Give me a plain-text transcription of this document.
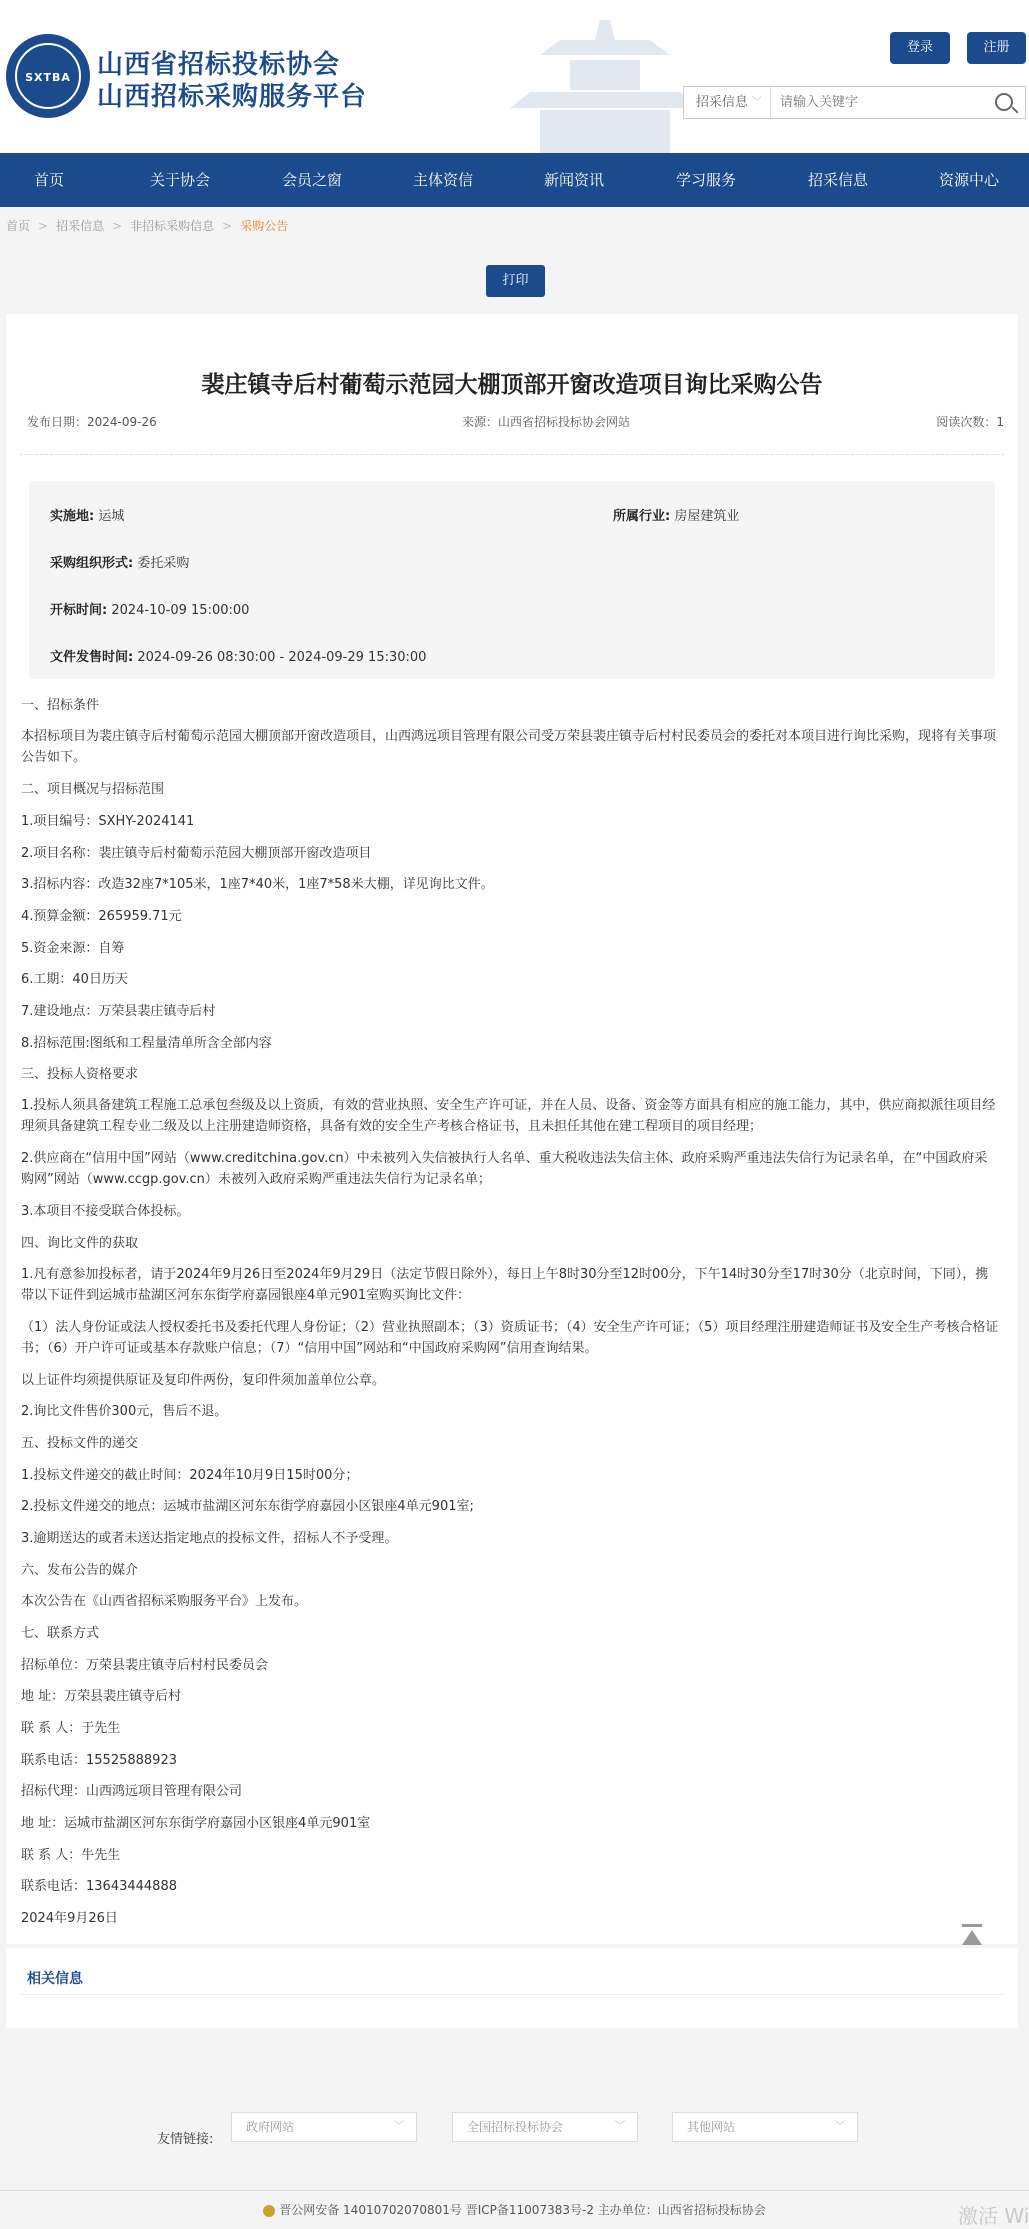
SXTBA	山西省招标投标协会
山西招标采购服务平台
登录	注册
招采信息 ﹀
请输入关键字
首页	关于协会	会员之窗	主体资信	新闻资讯	学习服务	招采信息	资源中心
首页 > 招采信息 > 非招标采购信息 > 采购公告
打印
裴庄镇寺后村葡萄示范园大棚顶部开窗改造项目询比采购公告
发布日期：2024-09-26	来源：山西省招标投标协会网站	阅读次数：1
实施地: 运城	所属行业: 房屋建筑业
采购组织形式: 委托采购
开标时间: 2024-10-09 15:00:00
文件发售时间: 2024-09-26 08:30:00 - 2024-09-29 15:30:00
一、招标条件
本招标项目为裴庄镇寺后村葡萄示范园大棚顶部开窗改造项目，山西鸿远项目管理有限公司受万荣县裴庄镇寺后村村民委员会的委托对本项目进行询比采购，现将有关事项公告如下。
二、项目概况与招标范围
1.项目编号：SXHY-2024141
2.项目名称：裴庄镇寺后村葡萄示范园大棚顶部开窗改造项目
3.招标内容：改造32座7*105米，1座7*40米，1座7*58米大棚，详见询比文件。
4.预算金额：265959.71元
5.资金来源：自筹
6.工期：40日历天
7.建设地点：万荣县裴庄镇寺后村
8.招标范围:图纸和工程量清单所含全部内容
三、投标人资格要求
1.投标人须具备建筑工程施工总承包叁级及以上资质，有效的营业执照、安全生产许可证，并在人员、设备、资金等方面具有相应的施工能力，其中，供应商拟派往项目经理须具备建筑工程专业二级及以上注册建造师资格，具备有效的安全生产考核合格证书，且未担任其他在建工程项目的项目经理；
2.供应商在“信用中国”网站（www.creditchina.gov.cn）中未被列入失信被执行人名单、重大税收违法失信主体、政府采购严重违法失信行为记录名单，在“中国政府采购网”网站（www.ccgp.gov.cn）未被列入政府采购严重违法失信行为记录名单；
3.本项目不接受联合体投标。
四、询比文件的获取
1.凡有意参加投标者，请于2024年9月26日至2024年9月29日（法定节假日除外），每日上午8时30分至12时00分，下午14时30分至17时30分（北京时间，下同），携带以下证件到运城市盐湖区河东东街学府嘉园银座4单元901室购买询比文件：
（1）法人身份证或法人授权委托书及委托代理人身份证；（2）营业执照副本；（3）资质证书；（4）安全生产许可证；（5）项目经理注册建造师证书及安全生产考核合格证书；（6）开户许可证或基本存款账户信息；（7）“信用中国”网站和“中国政府采购网”信用查询结果。
以上证件均须提供原证及复印件两份，复印件须加盖单位公章。
2.询比文件售价300元，售后不退。
五、投标文件的递交
1.投标文件递交的截止时间：2024年10月9日15时00分；
2.投标文件递交的地点：运城市盐湖区河东东街学府嘉园小区银座4单元901室;
3.逾期送达的或者未送达指定地点的投标文件，招标人不予受理。
六、发布公告的媒介
本次公告在《山西省招标采购服务平台》上发布。
七、联系方式
招标单位：万荣县裴庄镇寺后村村民委员会
地 址：万荣县裴庄镇寺后村
联 系 人：于先生
联系电话：15525888923
招标代理：山西鸿远项目管理有限公司
地 址：运城市盐湖区河东东街学府嘉园小区银座4单元901室
联 系 人：牛先生
联系电话：13643444888
2024年9月26日
相关信息
友情链接:
政府网站	﹀	全国招标投标协会	﹀	其他网站	﹀
晋公网安备 14010702070801号 晋ICP备11007383号-2 主办单位：山西省招标投标协会	激活 Wi
